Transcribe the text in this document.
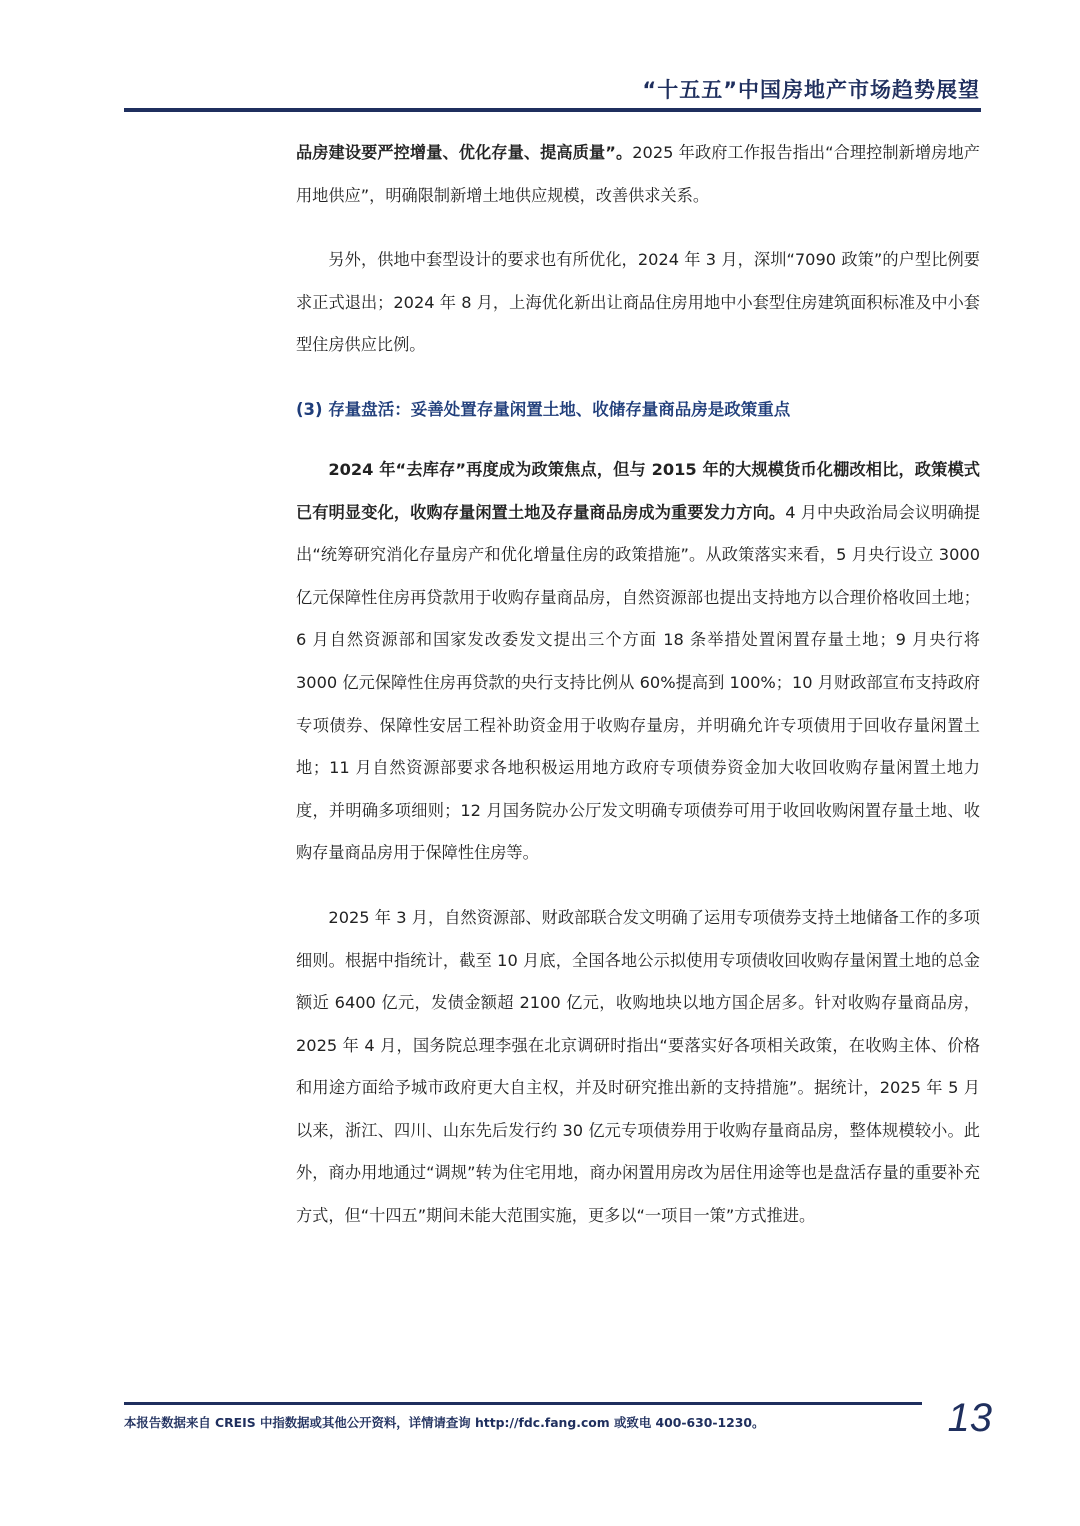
“十五五”中国房地产市场趋势展望

品房建设要严控增量、优化存量、提高质量”。2025 年政府工作报告指出“合理控制新增房地产用地供应”，明确限制新增土地供应规模，改善供求关系。

另外，供地中套型设计的要求也有所优化，2024 年 3 月，深圳“7090 政策”的户型比例要求正式退出；2024 年 8 月，上海优化新出让商品住房用地中小套型住房建筑面积标准及中小套型住房供应比例。

(3) 存量盘活：妥善处置存量闲置土地、收储存量商品房是政策重点

2024 年“去库存”再度成为政策焦点，但与 2015 年的大规模货币化棚改相比，政策模式已有明显变化，收购存量闲置土地及存量商品房成为重要发力方向。4 月中央政治局会议明确提出“统筹研究消化存量房产和优化增量住房的政策措施”。从政策落实来看，5 月央行设立 3000 亿元保障性住房再贷款用于收购存量商品房，自然资源部也提出支持地方以合理价格收回土地；6 月自然资源部和国家发改委发文提出三个方面 18 条举措处置闲置存量土地；9 月央行将 3000 亿元保障性住房再贷款的央行支持比例从 60%提高到 100%；10 月财政部宣布支持政府专项债券、保障性安居工程补助资金用于收购存量房，并明确允许专项债用于回收存量闲置土地；11 月自然资源部要求各地积极运用地方政府专项债券资金加大收回收购存量闲置土地力度，并明确多项细则；12 月国务院办公厅发文明确专项债券可用于收回收购闲置存量土地、收购存量商品房用于保障性住房等。

2025 年 3 月，自然资源部、财政部联合发文明确了运用专项债券支持土地储备工作的多项细则。根据中指统计，截至 10 月底，全国各地公示拟使用专项债收回收购存量闲置土地的总金额近 6400 亿元，发债金额超 2100 亿元，收购地块以地方国企居多。针对收购存量商品房，2025 年 4 月，国务院总理李强在北京调研时指出“要落实好各项相关政策，在收购主体、价格和用途方面给予城市政府更大自主权，并及时研究推出新的支持措施”。据统计，2025 年 5 月以来，浙江、四川、山东先后发行约 30 亿元专项债券用于收购存量商品房，整体规模较小。此外，商办用地通过“调规”转为住宅用地，商办闲置用房改为居住用途等也是盘活存量的重要补充方式，但“十四五”期间未能大范围实施，更多以“一项目一策”方式推进。

本报告数据来自 CREIS 中指数据或其他公开资料，详情请查询 http://fdc.fang.com 或致电 400-630-1230。	13
